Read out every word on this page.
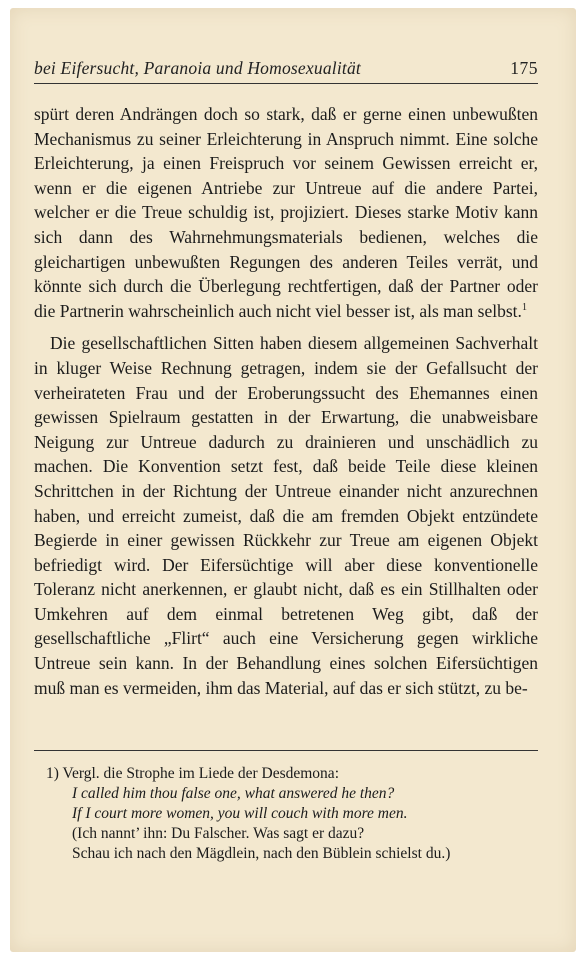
bei Eifersucht, Paranoia und Homosexualität	175

spürt deren Andrängen doch so stark, daß er gerne einen unbewußten Mechanismus zu seiner Erleichterung in Anspruch nimmt. Eine solche Erleichterung, ja einen Freispruch vor seinem Gewissen erreicht er, wenn er die eigenen Antriebe zur Untreue auf die andere Partei, welcher er die Treue schuldig ist, projiziert. Dieses starke Motiv kann sich dann des Wahrnehmungsmaterials bedienen, welches die gleichartigen unbewußten Regungen des anderen Teiles verrät, und könnte sich durch die Überlegung rechtfertigen, daß der Partner oder die Partnerin wahrscheinlich auch nicht viel besser ist, als man selbst.$^1$

Die gesellschaftlichen Sitten haben diesem allgemeinen Sachverhalt in kluger Weise Rechnung getragen, indem sie der Gefallsucht der verheirateten Frau und der Eroberungssucht des Ehemannes einen gewissen Spielraum gestatten in der Erwartung, die unabweisbare Neigung zur Untreue dadurch zu drainieren und unschädlich zu machen. Die Konvention setzt fest, daß beide Teile diese kleinen Schrittchen in der Richtung der Untreue einander nicht anzurechnen haben, und erreicht zumeist, daß die am fremden Objekt entzündete Begierde in einer gewissen Rückkehr zur Treue am eigenen Objekt befriedigt wird. Der Eifersüchtige will aber diese konventionelle Toleranz nicht anerkennen, er glaubt nicht, daß es ein Stillhalten oder Umkehren auf dem einmal betretenen Weg gibt, daß der gesellschaftliche „Flirt“ auch eine Versicherung gegen wirkliche Untreue sein kann. In der Behandlung eines solchen Eifersüchtigen muß man es vermeiden, ihm das Material, auf das er sich stützt, zu be-

1) Vergl. die Strophe im Liede der Desdemona:
I called him thou false one, what answered he then?
If I court more women, you will couch with more men.
(Ich nannt’ ihn: Du Falscher. Was sagt er dazu?
Schau ich nach den Mägdlein, nach den Büblein schielst du.)
